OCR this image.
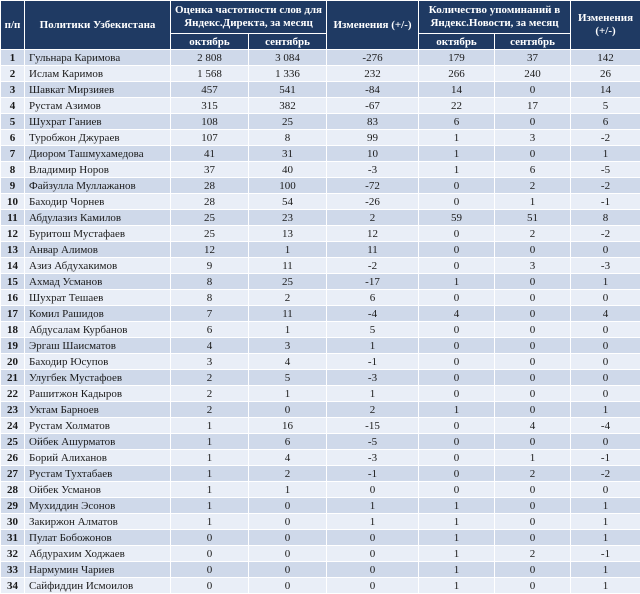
п/п	Политики Узбекистана	Оценка частотности слов для Яндекс.Директа, за месяц		Изменения (+/-)	Количество упоминаний в Яндекс.Новости, за месяц		Изменения (+/-)
		октябрь	сентябрь		октябрь	сентябрь	
1	Гульнара Каримова	2 808	3 084	-276	179	37	142
2	Ислам Каримов	1 568	1 336	232	266	240	26
3	Шавкат Мирзияев	457	541	-84	14	0	14
4	Рустам Азимов	315	382	-67	22	17	5
5	Шухрат Ганиев	108	25	83	6	0	6
6	Туробжон Джураев	107	8	99	1	3	-2
7	Диором Ташмухамедова	41	31	10	1	0	1
8	Владимир Норов	37	40	-3	1	6	-5
9	Файзулла Муллажанов	28	100	-72	0	2	-2
10	Баходир Чорнев	28	54	-26	0	1	-1
11	Абдулазиз Камилов	25	23	2	59	51	8
12	Буритош Мустафаев	25	13	12	0	2	-2
13	Анвар Алимов	12	1	11	0	0	0
14	Азиз Абдухакимов	9	11	-2	0	3	-3
15	Ахмад Усманов	8	25	-17	1	0	1
16	Шухрат Тешаев	8	2	6	0	0	0
17	Комил Рашидов	7	11	-4	4	0	4
18	Абдусалам Курбанов	6	1	5	0	0	0
19	Эргаш Шаисматов	4	3	1	0	0	0
20	Баходир Юсупов	3	4	-1	0	0	0
21	Улугбек Мустафоев	2	5	-3	0	0	0
22	Рашитжон Кадыров	2	1	1	0	0	0
23	Уктам Барноев	2	0	2	1	0	1
24	Рустам Холматов	1	16	-15	0	4	-4
25	Ойбек Ашурматов	1	6	-5	0	0	0
26	Борий Алиханов	1	4	-3	0	1	-1
27	Рустам Тухтабаев	1	2	-1	0	2	-2
28	Ойбек Усманов	1	1	0	0	0	0
29	Мухиддин Эсонов	1	0	1	1	0	1
30	Закиржон Алматов	1	0	1	1	0	1
31	Пулат Бобожонов	0	0	0	1	0	1
32	Абдурахим Ходжаев	0	0	0	1	2	-1
33	Нармумин Чариев	0	0	0	1	0	1
34	Сайфиддин Исмоилов	0	0	0	1	0	1
